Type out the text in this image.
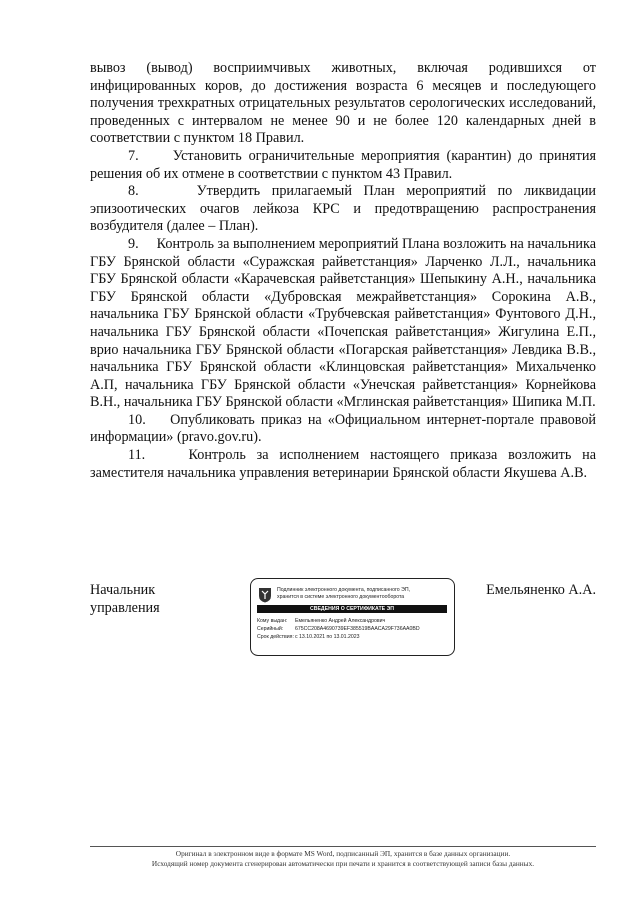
вывоз (вывод) восприимчивых животных, включая родившихся от инфицированных коров, до достижения возраста 6 месяцев и последующего получения трехкратных отрицательных результатов серологических исследований, проведенных с интервалом не менее 90 и не более 120 календарных дней в соответствии с пунктом 18 Правил.

7.     Установить ограничительные мероприятия (карантин) до принятия решения об их отмене в соответствии с пунктом 43 Правил.

8.     Утвердить прилагаемый План мероприятий по ликвидации эпизоотических очагов лейкоза КРС и предотвращению распространения возбудителя (далее – План).

9.     Контроль за выполнением мероприятий Плана возложить на начальника ГБУ Брянской области «Суражская райветстанция» Ларченко Л.Л., начальника ГБУ Брянской области «Карачевская райветстанция» Шепыкину А.Н., начальника ГБУ Брянской области «Дубровская межрайветстанция» Сорокина А.В., начальника ГБУ Брянской области «Трубчевская райветстанция» Фунтового Д.Н., начальника ГБУ Брянской области «Почепская райветстанция» Жигулина Е.П., врио начальника ГБУ Брянской области «Погарская райветстанция» Левдика В.В., начальника ГБУ Брянской области «Клинцовская райветстанция» Михальченко А.П, начальника ГБУ Брянской области «Унечская райветстанция» Корнейкова В.Н., начальника ГБУ Брянской области «Мглинская райветстанция» Шипика М.П.

10.    Опубликовать приказ на «Официальном интернет-портале правовой информации» (pravo.gov.ru).

11.    Контроль за исполнением настоящего приказа возложить на заместителя начальника управления ветеринарии Брянской области Якушева А.В.

Начальник
управления
Подлинник электронного документа, подписанного ЭП,
хранится в системе электронного документооборота
СВЕДЕНИЯ О СЕРТИФИКАТЕ ЭП
Кому выдан: Емельяненко Андрей Александрович
Серийный: 675CC208A4690739EF385519BAACA29F736AA0BD
Срок действия:с 13.10.2021 по 13.01.2023
Емельяненко А.А.
Оригинал в электронном виде в формате MS Word, подписанный ЭП, хранится в базе данных организации.
Исходящий номер документа сгенерирован автоматически при печати и хранится в соответствующей записи базы данных.
